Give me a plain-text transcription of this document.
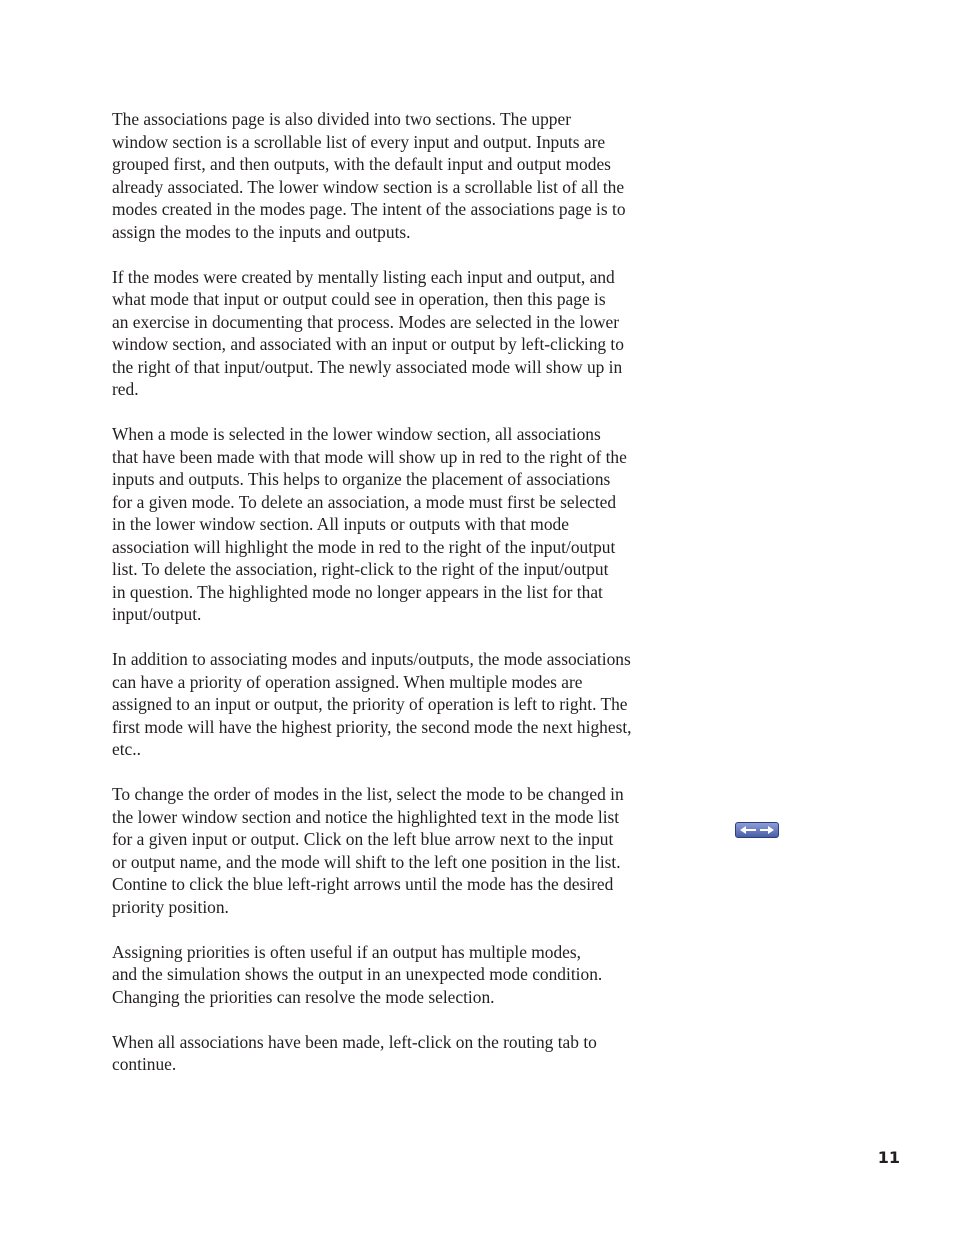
The associations page is also divided into two sections. The upper
window section is a scrollable list of every input and output. Inputs are
grouped first, and then outputs, with the default input and output modes
already associated. The lower window section is a scrollable list of all the
modes created in the modes page. The intent of the associations page is to
assign the modes to the inputs and outputs.

If the modes were created by mentally listing each input and output, and
what mode that input or output could see in operation, then this page is
an exercise in documenting that process. Modes are selected in the lower
window section, and associated with an input or output by left-clicking to
the right of that input/output. The newly associated mode will show up in
red.

When a mode is selected in the lower window section, all associations
that have been made with that mode will show up in red to the right of the
inputs and outputs. This helps to organize the placement of associations
for a given mode. To delete an association, a mode must first be selected
in the lower window section. All inputs or outputs with that mode
association will highlight the mode in red to the right of the input/output
list. To delete the association, right-click to the right of the input/output
in question. The highlighted mode no longer appears in the list for that
input/output.

In addition to associating modes and inputs/outputs, the mode associations
can have a priority of operation assigned. When multiple modes are
assigned to an input or output, the priority of operation is left to right. The
first mode will have the highest priority, the second mode the next highest,
etc..

To change the order of modes in the list, select the mode to be changed in
the lower window section and notice the highlighted text in the mode list
for a given input or output. Click on the left blue arrow next to the input
or output name, and the mode will shift to the left one position in the list.
Contine to click the blue left-right arrows until the mode has the desired
priority position.

Assigning priorities is often useful if an output has multiple modes,
and the simulation shows the output in an unexpected mode condition.
Changing the priorities can resolve the mode selection.

When all associations have been made, left-click on the routing tab to
continue.

11
